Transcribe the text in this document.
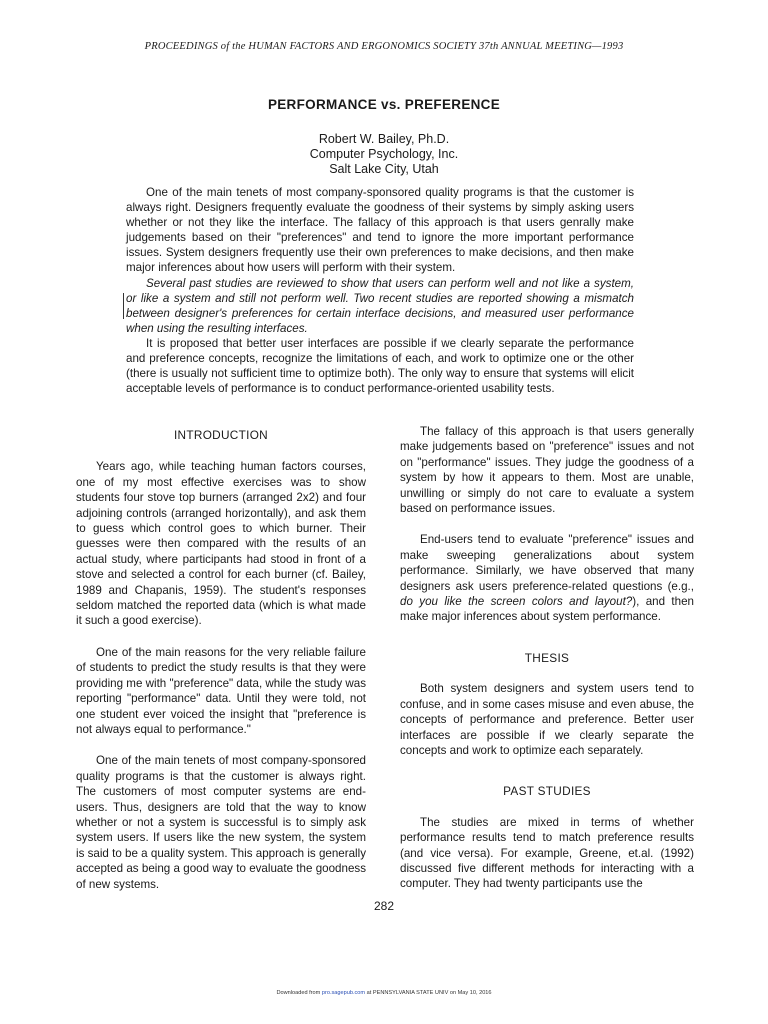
PROCEEDINGS of the HUMAN FACTORS AND ERGONOMICS SOCIETY 37th ANNUAL MEETING—1993
PERFORMANCE vs. PREFERENCE
Robert W. Bailey, Ph.D.
Computer Psychology, Inc.
Salt Lake City, Utah

One of the main tenets of most company-sponsored quality programs is that the customer is always right. Designers frequently evaluate the goodness of their systems by simply asking users whether or not they like the interface. The fallacy of this approach is that users genrally make judgements based on their "preferences" and tend to ignore the more important performance issues. System designers frequently use their own preferences to make decisions, and then make major inferences about how users will perform with their system.

Several past studies are reviewed to show that users can perform well and not like a system, or like a system and still not perform well. Two recent studies are reported showing a mismatch between designer's preferences for certain interface decisions, and measured user performance when using the resulting interfaces.

It is proposed that better user interfaces are possible if we clearly separate the performance and preference concepts, recognize the limitations of each, and work to optimize one or the other (there is usually not sufficient time to optimize both). The only way to ensure that systems will elicit acceptable levels of performance is to conduct performance-oriented usability tests.

INTRODUCTION

Years ago, while teaching human factors courses, one of my most effective exercises was to show students four stove top burners (arranged 2x2) and four adjoining controls (arranged horizontally), and ask them to guess which control goes to which burner. Their guesses were then compared with the results of an actual study, where participants had stood in front of a stove and selected a control for each burner (cf. Bailey, 1989 and Chapanis, 1959). The student's responses seldom matched the reported data (which is what made it such a good exercise).

One of the main reasons for the very reliable failure of students to predict the study results is that they were providing me with "preference" data, while the study was reporting "performance" data. Until they were told, not one student ever voiced the insight that "preference is not always equal to performance."

One of the main tenets of most company-sponsored quality programs is that the customer is always right. The customers of most computer systems are end-users. Thus, designers are told that the way to know whether or not a system is successful is to simply ask system users. If users like the new system, the system is said to be a quality system. This approach is generally accepted as being a good way to evaluate the goodness of new systems.

The fallacy of this approach is that users generally make judgements based on "preference" issues and not on "performance" issues. They judge the goodness of a system by how it appears to them. Most are unable, unwilling or simply do not care to evaluate a system based on performance issues.

End-users tend to evaluate "preference" issues and make sweeping generalizations about system performance. Similarly, we have observed that many designers ask users preference-related questions (e.g., do you like the screen colors and layout?), and then make major inferences about system performance.

THESIS

Both system designers and system users tend to confuse, and in some cases misuse and even abuse, the concepts of performance and preference. Better user interfaces are possible if we clearly separate the concepts and work to optimize each separately.

PAST STUDIES

The studies are mixed in terms of whether performance results tend to match preference results (and vice versa). For example, Greene, et.al. (1992) discussed five different methods for interacting with a computer. They had twenty participants use the

282
Downloaded from pro.sagepub.com at PENNSYLVANIA STATE UNIV on May 10, 2016
